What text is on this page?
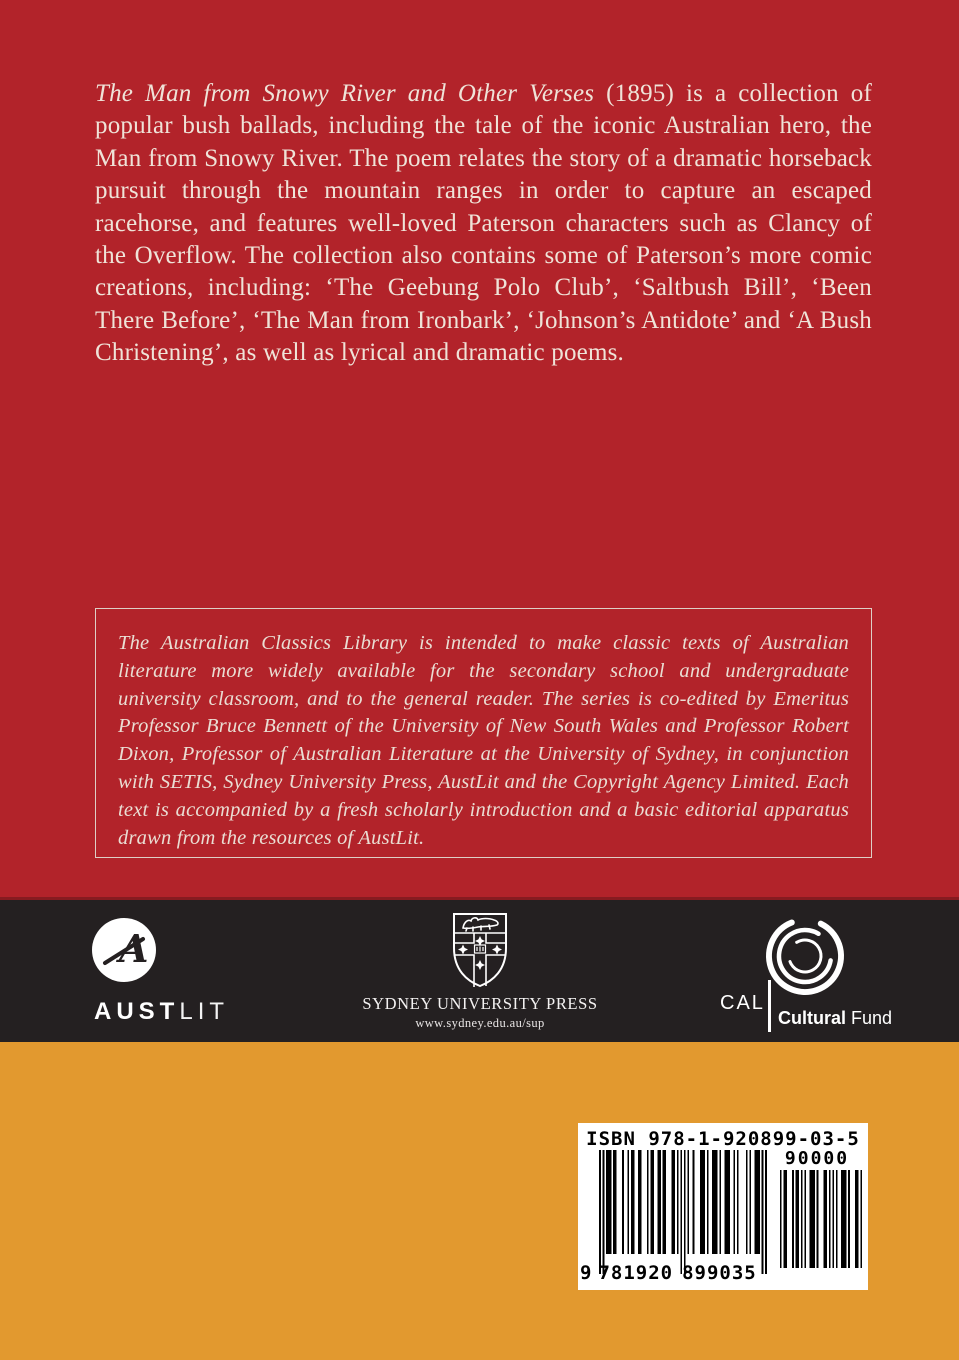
The Man from Snowy River and Other Verses (1895) is a collection of popular bush ballads, including the tale of the iconic Australian hero, the Man from Snowy River. The poem relates the story of a dramatic horseback pursuit through the mountain ranges in order to capture an escaped racehorse, and features well-loved Paterson characters such as Clancy of the Overflow. The collection also contains some of Paterson’s more comic creations, including: ‘The Geebung Polo Club’, ‘Saltbush Bill’, ‘Been There Before’, ‘The Man from Ironbark’, ‘Johnson’s Antidote’ and ‘A Bush Christening’, as well as lyrical and dramatic poems.

The Australian Classics Library is intended to make classic texts of Australian literature more widely available for the secondary school and undergraduate university classroom, and to the general reader. The series is co-edited by Emeritus Professor Bruce Bennett of the University of New South Wales and Professor Robert Dixon, Professor of Australian Literature at the University of Sydney, in conjunction with SETIS, Sydney University Press, AustLit and the Copyright Agency Limited. Each text is accompanied by a fresh scholarly introduction and a basic editorial apparatus drawn from the resources of AustLit.

A
AUSTLIT	SYDNEY UNIVERSITY PRESS
www.sydney.edu.au/sup
CAL
Cultural Fund
ISBN 978-1-920899-03-5
9 781920 899035
90000
